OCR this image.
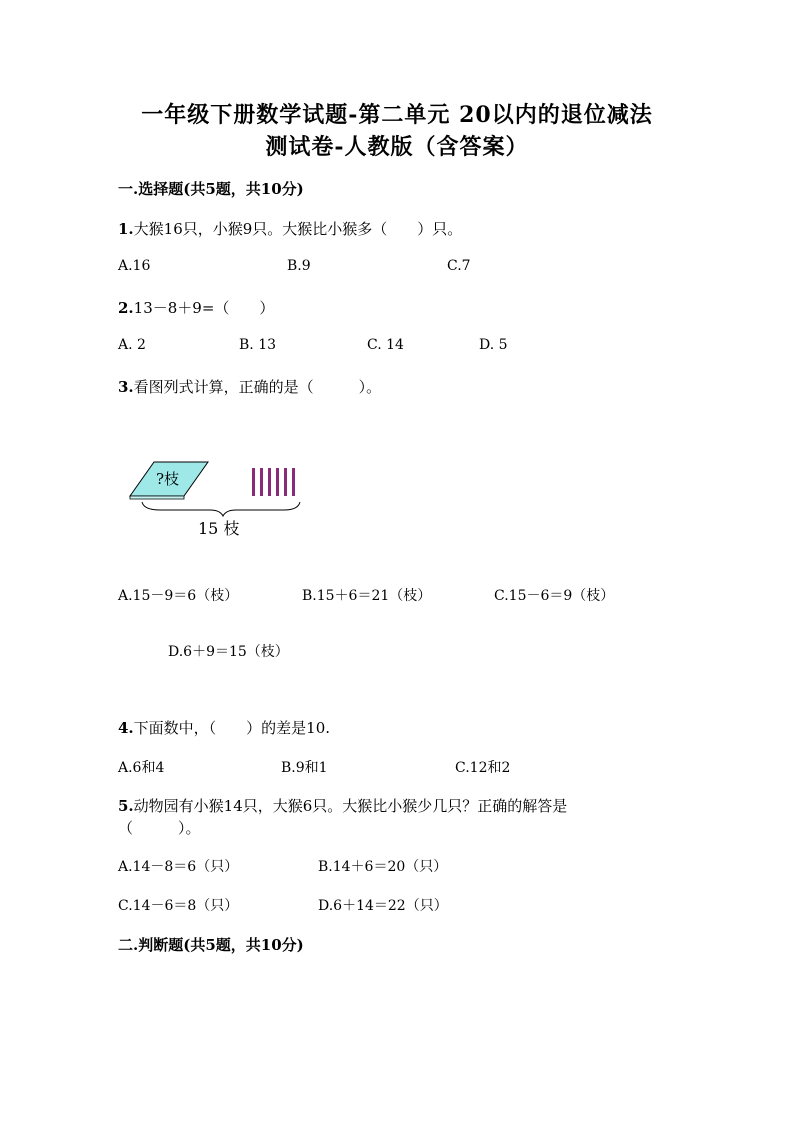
一年级下册数学试题-第二单元 20以内的退位减法
测试卷-人教版（含答案）
一.选择题(共5题，共10分)
1.大猴16只，小猴9只。大猴比小猴多（　　）只。
A.16	B.9	C.7
2.13－8＋9=（　　）
A. 2	B. 13	C. 14	D. 5
3.看图列式计算，正确的是（　　　）。
?枝
15 枝
A.15－9＝6（枝）	B.15＋6＝21（枝）	C.15－6＝9（枝）
D.6＋9＝15（枝）
4.下面数中，（　　）的差是10.
A.6和4	B.9和1	C.12和2
5.动物园有小猴14只，大猴6只。大猴比小猴少几只？正确的解答是
（　　　）。
A.14－8＝6（只）	B.14＋6＝20（只）
C.14－6＝8（只）	D.6＋14＝22（只）
二.判断题(共5题，共10分)
